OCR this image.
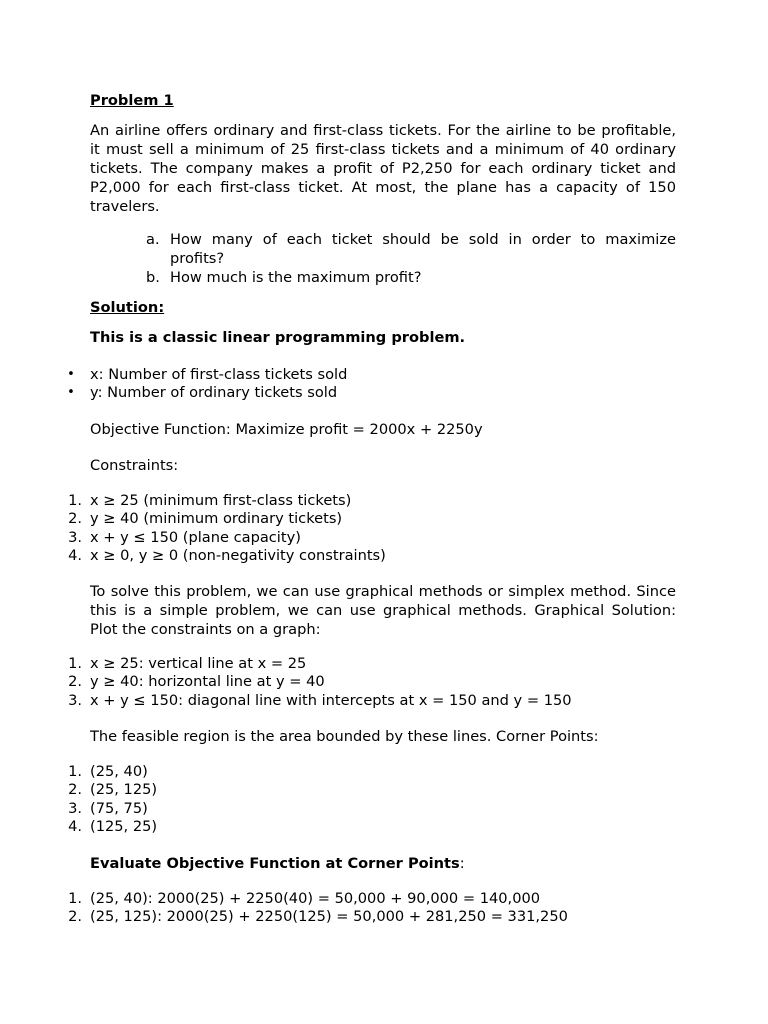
Problem 1

An airline offers ordinary and first-class tickets. For the airline to be profitable, it must sell a minimum of 25 first-class tickets and a minimum of 40 ordinary tickets. The company makes a profit of P2,250 for each ordinary ticket and P2,000 for each first-class ticket. At most, the plane has a capacity of 150 travelers.

a. How many of each ticket should be sold in order to maximize profits?
b. How much is the maximum profit?
Solution:
This is a classic linear programming problem.
• x: Number of first-class tickets sold
• y: Number of ordinary tickets sold
Objective Function: Maximize profit = 2000x + 2250y
Constraints:
1. x ≥ 25 (minimum first-class tickets)
2. y ≥ 40 (minimum ordinary tickets)
3. x + y ≤ 150 (plane capacity)
4. x ≥ 0, y ≥ 0 (non-negativity constraints)

To solve this problem, we can use graphical methods or simplex method. Since this is a simple problem, we can use graphical methods. Graphical Solution: Plot the constraints on a graph:

1. x ≥ 25: vertical line at x = 25
2. y ≥ 40: horizontal line at y = 40
3. x + y ≤ 150: diagonal line with intercepts at x = 150 and y = 150
The feasible region is the area bounded by these lines. Corner Points:
1. (25, 40)
2. (25, 125)
3. (75, 75)
4. (125, 25)
Evaluate Objective Function at Corner Points:
1. (25, 40): 2000(25) + 2250(40) = 50,000 + 90,000 = 140,000
2. (25, 125): 2000(25) + 2250(125) = 50,000 + 281,250 = 331,250
